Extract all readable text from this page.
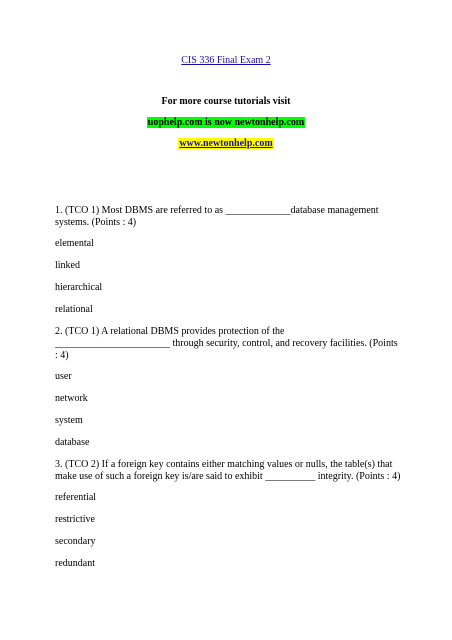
CIS 336 Final Exam 2
For more course tutorials visit
uophelp.com is now newtonhelp.com
www.newtonhelp.com
1. (TCO 1) Most DBMS are referred to as _____________database management
systems. (Points : 4)
elemental
linked
hierarchical
relational
2. (TCO 1) A relational DBMS provides protection of the
_______________________ through security, control, and recovery facilities. (Points
: 4)
user
network
system
database
3. (TCO 2) If a foreign key contains either matching values or nulls, the table(s) that
make use of such a foreign key is/are said to exhibit __________ integrity. (Points : 4)
referential
restrictive
secondary
redundant
